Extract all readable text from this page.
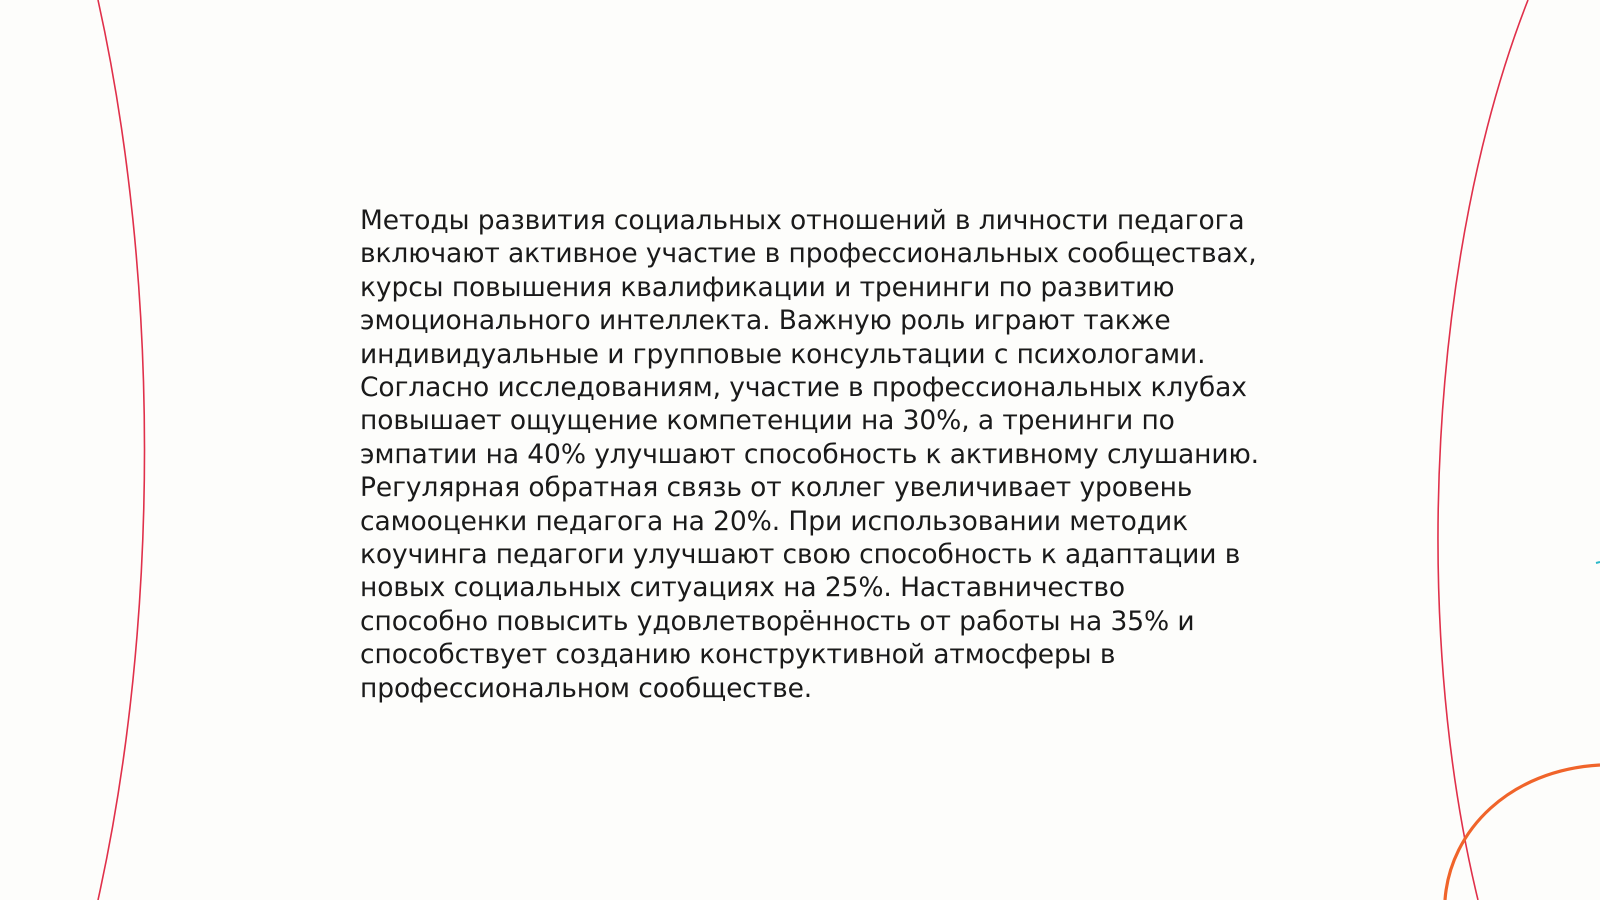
Методы развития социальных отношений в личности педагога
включают активное участие в профессиональных сообществах,
курсы повышения квалификации и тренинги по развитию
эмоционального интеллекта. Важную роль играют также
индивидуальные и групповые консультации с психологами.
Согласно исследованиям, участие в профессиональных клубах
повышает ощущение компетенции на 30%, а тренинги по
эмпатии на 40% улучшают способность к активному слушанию.
Регулярная обратная связь от коллег увеличивает уровень
самооценки педагога на 20%. При использовании методик
коучинга педагоги улучшают свою способность к адаптации в
новых социальных ситуациях на 25%. Наставничество
способно повысить удовлетворённость от работы на 35% и
способствует созданию конструктивной атмосферы в
профессиональном сообществе.
